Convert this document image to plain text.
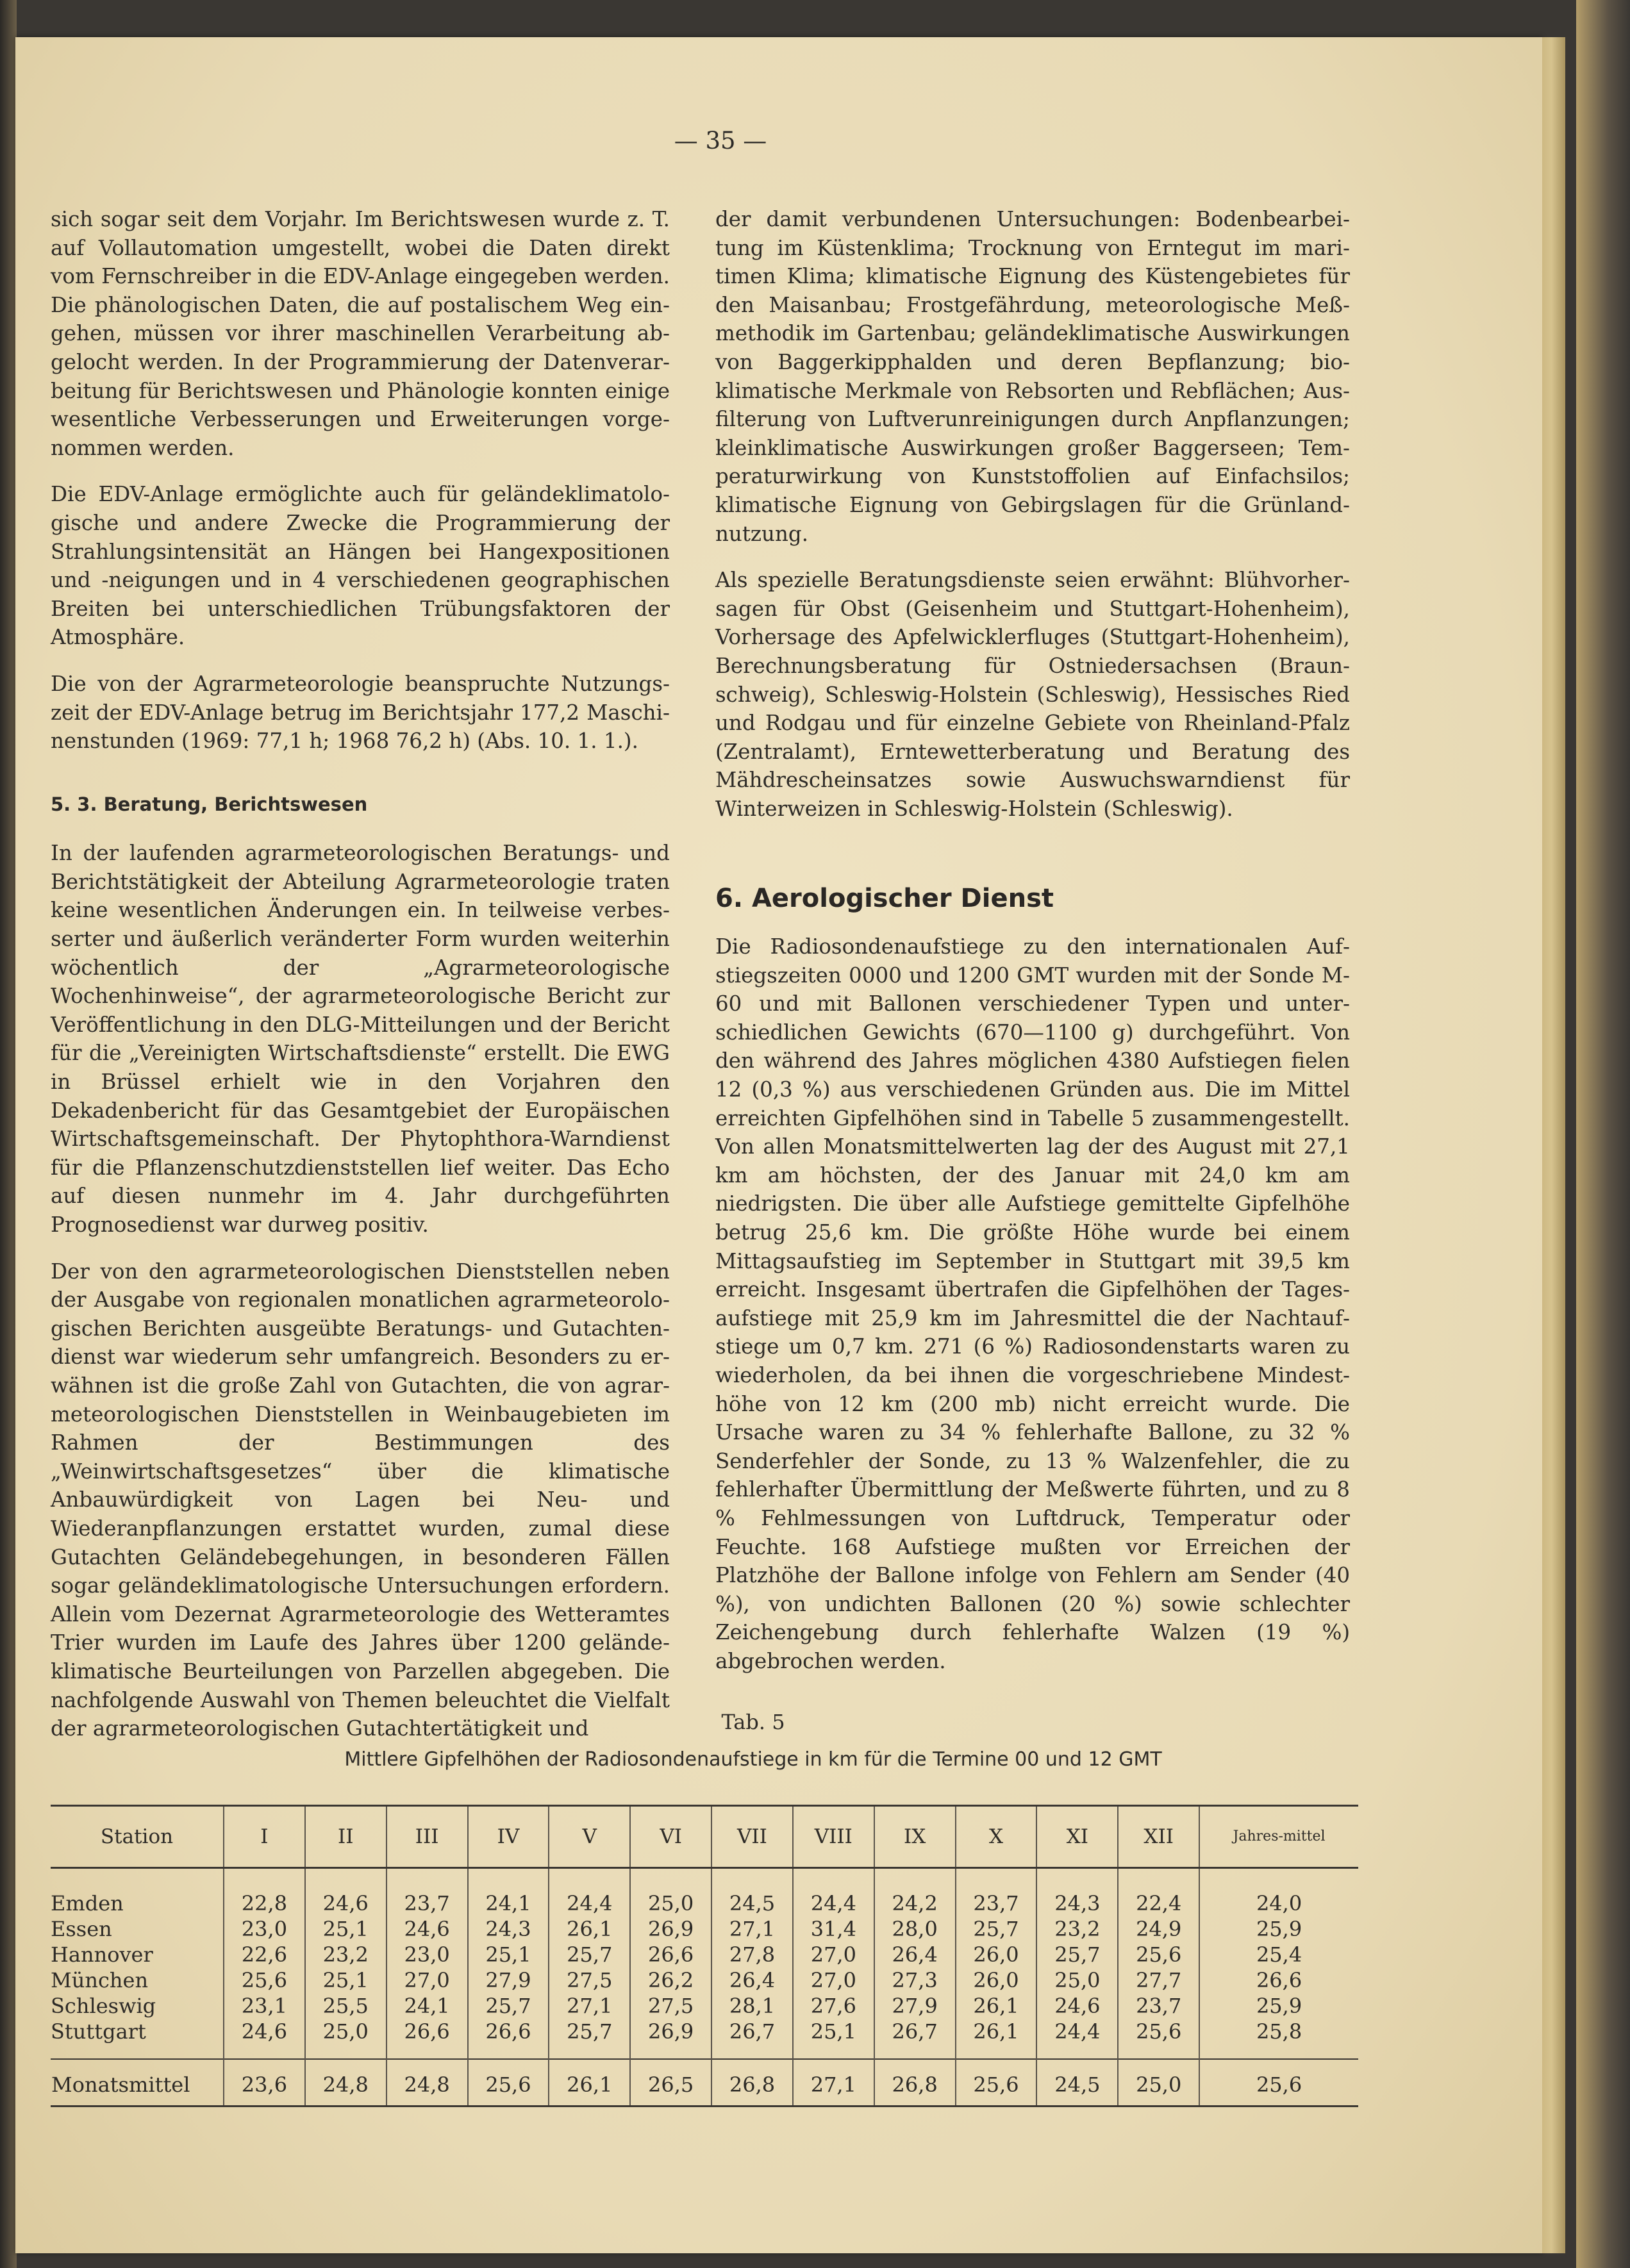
— 35 —

sich sogar seit dem Vorjahr. Im Berichtswesen wurde z. T. auf Vollautomation umgestellt, wobei die Daten direkt vom Fernschreiber in die EDV-Anlage eingegeben werden. Die phänologischen Daten, die auf postalischem Weg eingehen, müssen vor ihrer maschinellen Verarbeitung abgelocht werden. In der Programmierung der Datenverarbeitung für Berichtswesen und Phänologie konnten einige wesentliche Verbesserungen und Erweiterungen vorgenommen werden.

Die EDV-Anlage ermöglichte auch für geländeklimatologische und andere Zwecke die Programmierung der Strahlungsintensität an Hängen bei Hangexpositionen und -neigungen und in 4 verschiedenen geographischen Breiten bei unterschiedlichen Trübungsfaktoren der Atmosphäre.

Die von der Agrarmeteorologie beanspruchte Nutzungszeit der EDV-Anlage betrug im Berichtsjahr 177,2 Maschinenstunden (1969: 77,1 h; 1968 76,2 h) (Abs. 10. 1. 1.).

5. 3. Beratung, Berichtswesen

In der laufenden agrarmeteorologischen Beratungs- und Berichtstätigkeit der Abteilung Agrarmeteorologie traten keine wesentlichen Änderungen ein. In teilweise verbesserter und äußerlich veränderter Form wurden weiterhin wöchentlich der „Agrarmeteorologische Wochenhinweise“, der agrarmeteorologische Bericht zur Veröffentlichung in den DLG-Mitteilungen und der Bericht für die „Vereinigten Wirtschaftsdienste“ erstellt. Die EWG in Brüssel erhielt wie in den Vorjahren den Dekadenbericht für das Gesamtgebiet der Europäischen Wirtschaftsgemeinschaft. Der Phytophthora-Warndienst für die Pflanzenschutzdienststellen lief weiter. Das Echo auf diesen nunmehr im 4. Jahr durchgeführten Prognosedienst war durweg positiv.

Der von den agrarmeteorologischen Dienststellen neben der Ausgabe von regionalen monatlichen agrarmeteorologischen Berichten ausgeübte Beratungs- und Gutachtendienst war wiederum sehr umfangreich. Besonders zu erwähnen ist die große Zahl von Gutachten, die von agrarmeteorologischen Dienststellen in Weinbaugebieten im Rahmen der Bestimmungen des „Weinwirtschaftsgesetzes“ über die klimatische Anbauwürdigkeit von Lagen bei Neu- und Wiederanpflanzungen erstattet wurden, zumal diese Gutachten Geländebegehungen, in besonderen Fällen sogar geländeklimatologische Untersuchungen erfordern. Allein vom Dezernat Agrarmeteorologie des Wetteramtes Trier wurden im Laufe des Jahres über 1200 geländeklimatische Beurteilungen von Parzellen abgegeben. Die nachfolgende Auswahl von Themen beleuchtet die Vielfalt der agrarmeteorologischen Gutachtertätigkeit und

der damit verbundenen Untersuchungen: Bodenbearbeitung im Küstenklima; Trocknung von Erntegut im maritimen Klima; klimatische Eignung des Küstengebietes für den Maisanbau; Frostgefährdung, meteorologische Meßmethodik im Gartenbau; geländeklimatische Auswirkungen von Baggerkipphalden und deren Bepflanzung; bioklimatische Merkmale von Rebsorten und Rebflächen; Ausfilterung von Luftverunreinigungen durch Anpflanzungen; kleinklimatische Auswirkungen großer Baggerseen; Temperaturwirkung von Kunststoffolien auf Einfachsilos; klimatische Eignung von Gebirgslagen für die Grünlandnutzung.

Als spezielle Beratungsdienste seien erwähnt: Blühvorhersagen für Obst (Geisenheim und Stuttgart-Hohenheim), Vorhersage des Apfelwicklerfluges (Stuttgart-Hohenheim), Berechnungsberatung für Ostniedersachsen (Braunschweig), Schleswig-Holstein (Schleswig), Hessisches Ried und Rodgau und für einzelne Gebiete von Rheinland-Pfalz (Zentralamt), Erntewetterberatung und Beratung des Mähdrescheinsatzes sowie Auswuchswarndienst für Winterweizen in Schleswig-Holstein (Schleswig).

6. Aerologischer Dienst

Die Radiosondenaufstiege zu den internationalen Aufstiegszeiten 0000 und 1200 GMT wurden mit der Sonde M-60 und mit Ballonen verschiedener Typen und unterschiedlichen Gewichts (670—1100 g) durchgeführt. Von den während des Jahres möglichen 4380 Aufstiegen fielen 12 (0,3 %) aus verschiedenen Gründen aus. Die im Mittel erreichten Gipfelhöhen sind in Tabelle 5 zusammengestellt. Von allen Monatsmittelwerten lag der des August mit 27,1 km am höchsten, der des Januar mit 24,0 km am niedrigsten. Die über alle Aufstiege gemittelte Gipfelhöhe betrug 25,6 km. Die größte Höhe wurde bei einem Mittagsaufstieg im September in Stuttgart mit 39,5 km erreicht. Insgesamt übertrafen die Gipfelhöhen der Tagesaufstiege mit 25,9 km im Jahresmittel die der Nachtaufstiege um 0,7 km. 271 (6 %) Radiosondenstarts waren zu wiederholen, da bei ihnen die vorgeschriebene Mindesthöhe von 12 km (200 mb) nicht erreicht wurde. Die Ursache waren zu 34 % fehlerhafte Ballone, zu 32 % Senderfehler der Sonde, zu 13 % Walzenfehler, die zu fehlerhafter Übermittlung der Meßwerte führten, und zu 8 % Fehlmessungen von Luftdruck, Temperatur oder Feuchte. 168 Aufstiege mußten vor Erreichen der Platzhöhe der Ballone infolge von Fehlern am Sender (40 %), von undichten Ballonen (20 %) sowie schlechter Zeichengebung durch fehlerhafte Walzen (19 %) abgebrochen werden.

Tab. 5
Mittlere Gipfelhöhen der Radiosondenaufstiege in km für die Termine 00 und 12 GMT
Station	I	II	III	IV	V	VI	VII	VIII	IX	X	XI	XII	Jahres-mittel
Emden	22,8	24,6	23,7	24,1	24,4	25,0	24,5	24,4	24,2	23,7	24,3	22,4	24,0
Essen	23,0	25,1	24,6	24,3	26,1	26,9	27,1	31,4	28,0	25,7	23,2	24,9	25,9
Hannover	22,6	23,2	23,0	25,1	25,7	26,6	27,8	27,0	26,4	26,0	25,7	25,6	25,4
München	25,6	25,1	27,0	27,9	27,5	26,2	26,4	27,0	27,3	26,0	25,0	27,7	26,6
Schleswig	23,1	25,5	24,1	25,7	27,1	27,5	28,1	27,6	27,9	26,1	24,6	23,7	25,9
Stuttgart	24,6	25,0	26,6	26,6	25,7	26,9	26,7	25,1	26,7	26,1	24,4	25,6	25,8
Monatsmittel	23,6	24,8	24,8	25,6	26,1	26,5	26,8	27,1	26,8	25,6	24,5	25,0	25,6
